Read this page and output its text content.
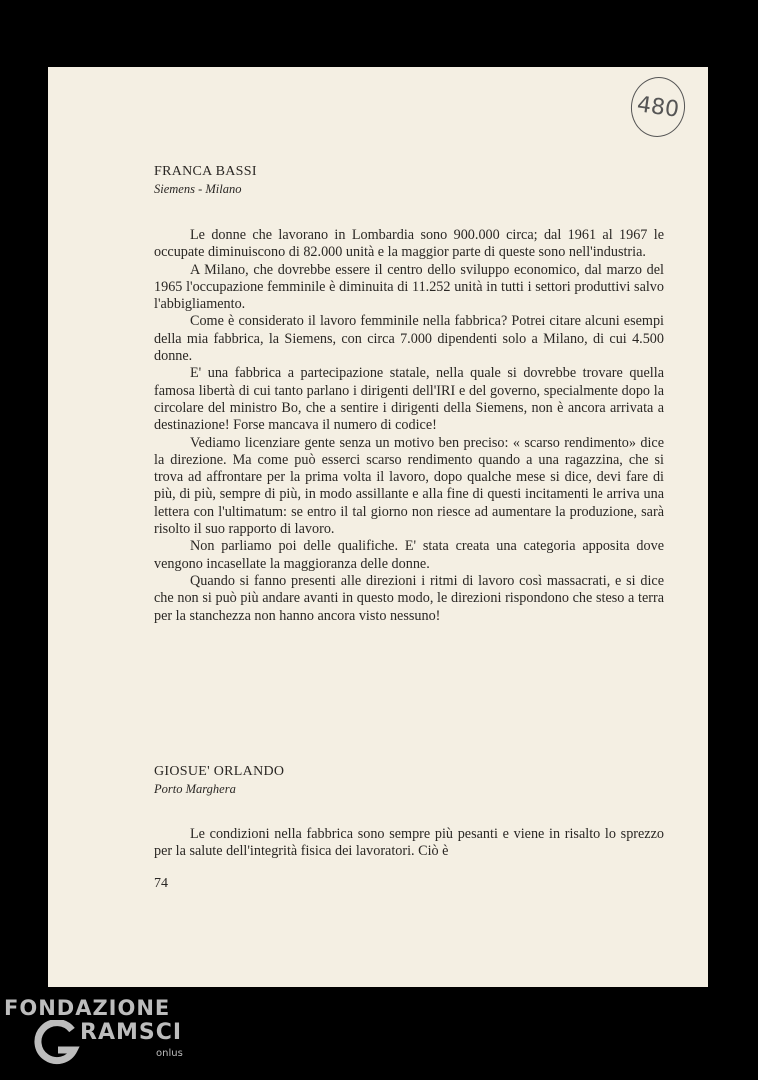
480
FRANCA BASSI
Siemens - Milano

Le donne che lavorano in Lombardia sono 900.000 circa; dal 1961 al 1967 le occupate diminuiscono di 82.000 unità e la maggior parte di queste sono nell'industria.

A Milano, che dovrebbe essere il centro dello sviluppo economico, dal marzo del 1965 l'occupazione femminile è diminuita di 11.252 unità in tutti i settori produttivi salvo l'abbigliamento.

Come è considerato il lavoro femminile nella fabbrica? Potrei citare alcuni esempi della mia fabbrica, la Siemens, con circa 7.000 dipendenti solo a Milano, di cui 4.500 donne.

E' una fabbrica a partecipazione statale, nella quale si dovrebbe trovare quella famosa libertà di cui tanto parlano i dirigenti dell'IRI e del governo, specialmente dopo la circolare del ministro Bo, che a sentire i dirigenti della Siemens, non è ancora arrivata a destinazione! Forse mancava il numero di codice!

Vediamo licenziare gente senza un motivo ben preciso: « scarso rendimento» dice la direzione. Ma come può esserci scarso rendimento quando a una ragazzina, che si trova ad affrontare per la prima volta il lavoro, dopo qualche mese si dice, devi fare di più, di più, sempre di più, in modo assillante e alla fine di questi incitamenti le arriva una lettera con l'ultimatum: se entro il tal giorno non riesce ad aumentare la produzione, sarà risolto il suo rapporto di lavoro.

Non parliamo poi delle qualifiche. E' stata creata una categoria apposita dove vengono incasellate la maggioranza delle donne.

Quando si fanno presenti alle direzioni i ritmi di lavoro così massacrati, e si dice che non si può più andare avanti in questo modo, le direzioni rispondono che steso a terra per la stanchezza non hanno ancora visto nessuno!

GIOSUE' ORLANDO
Porto Marghera

Le condizioni nella fabbrica sono sempre più pesanti e viene in risalto lo sprezzo per la salute dell'integrità fisica dei lavoratori. Ciò è

74
FONDAZIONE
RAMSCI
onlus
